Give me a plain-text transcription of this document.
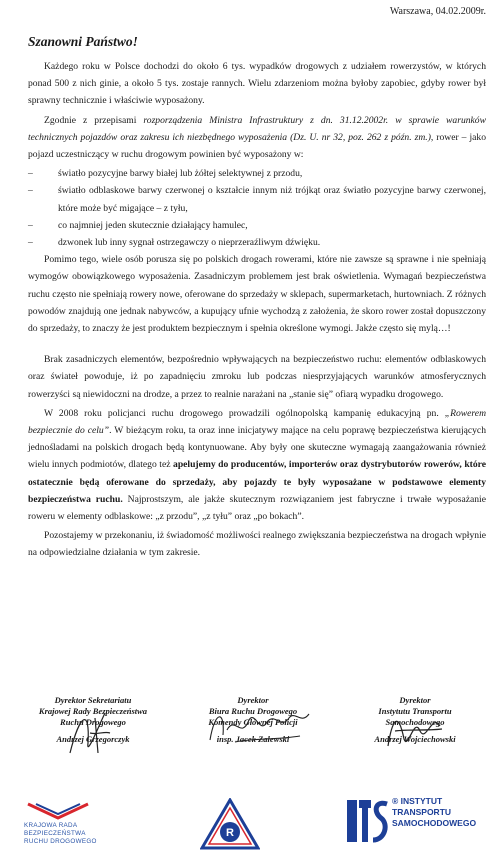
Warszawa, 04.02.2009r.
Szanowni Państwo!

Każdego roku w Polsce dochodzi do około 6 tys. wypadków drogowych z udziałem rowerzystów, w których ponad 500 z nich ginie, a około 5 tys. zostaje rannych. Wielu zdarzeniom można byłoby zapobiec, gdyby rower był sprawny technicznie i właściwie wyposażony.

Zgodnie z przepisami rozporządzenia Ministra Infrastruktury z dn. 31.12.2002r. w sprawie warunków technicznych pojazdów oraz zakresu ich niezbędnego wyposażenia (Dz. U. nr 32, poz. 262 z późn. zm.), rower – jako pojazd uczestniczący w ruchu drogowym powinien być wyposażony w:

– światło pozycyjne barwy białej lub żółtej selektywnej z przodu,
– światło odblaskowe barwy czerwonej o kształcie innym niż trójkąt oraz światło pozycyjne barwy czerwonej, które może być migające – z tyłu,
– co najmniej jeden skutecznie działający hamulec,
– dzwonek lub inny sygnał ostrzegawczy o nieprzeraźliwym dźwięku.

Pomimo tego, wiele osób porusza się po polskich drogach rowerami, które nie zawsze są sprawne i nie spełniają wymogów obowiązkowego wyposażenia. Zasadniczym problemem jest brak oświetlenia. Wymagań bezpieczeństwa ruchu często nie spełniają rowery nowe, oferowane do sprzedaży w sklepach, supermarketach, hurtowniach. Z różnych powodów znajdują one jednak nabywców, a kupujący ufnie wychodzą z założenia, że skoro rower został dopuszczony do sprzedaży, to znaczy że jest produktem bezpiecznym i spełnia określone wymogi. Jakże często się mylą…!

Brak zasadniczych elementów, bezpośrednio wpływających na bezpieczeństwo ruchu: elementów odblaskowych oraz świateł powoduje, iż po zapadnięciu zmroku lub podczas niesprzyjających warunków atmosferycznych rowerzyści są niewidoczni na drodze, a przez to realnie narażani na „stanie się” ofiarą wypadku drogowego.

W 2008 roku policjanci ruchu drogowego prowadzili ogólnopolską kampanię edukacyjną pn. „Rowerem bezpiecznie do celu”. W bieżącym roku, ta oraz inne inicjatywy mające na celu poprawę bezpieczeństwa kierujących jednośladami na polskich drogach będą kontynuowane. Aby były one skuteczne wymagają zaangażowania również wielu innych podmiotów, dlatego też apelujemy do producentów, importerów oraz dystrybutorów rowerów, które ostatecznie będą oferowane do sprzedaży, aby pojazdy te były wyposażane w podstawowe elementy bezpieczeństwa ruchu. Najprostszym, ale jakże skutecznym rozwiązaniem jest fabryczne i trwałe wyposażanie roweru w elementy odblaskowe: „z przodu”, „z tyłu” oraz „po bokach”.

Pozostajemy w przekonaniu, iż świadomość możliwości realnego zwiększania bezpieczeństwa na drogach wpłynie na odpowiedzialne działania w tym zakresie.

Dyrektor Sekretariatu
Krajowej Rady Bezpieczeństwa
Ruchu Drogowego
Andrzej Grzegorczyk
Dyrektor
Biura Ruchu Drogowego
Komendy Głównej Policji
insp. Jacek Zalewski
Dyrektor
Instytutu Transportu
Samochodowego
Andrzej Wojciechowski
KRAJOWA RADA
BEZPIECZEŃSTWA
RUCHU DROGOWEGO
R
® INSTYTUT
TRANSPORTU
SAMOCHODOWEGO
